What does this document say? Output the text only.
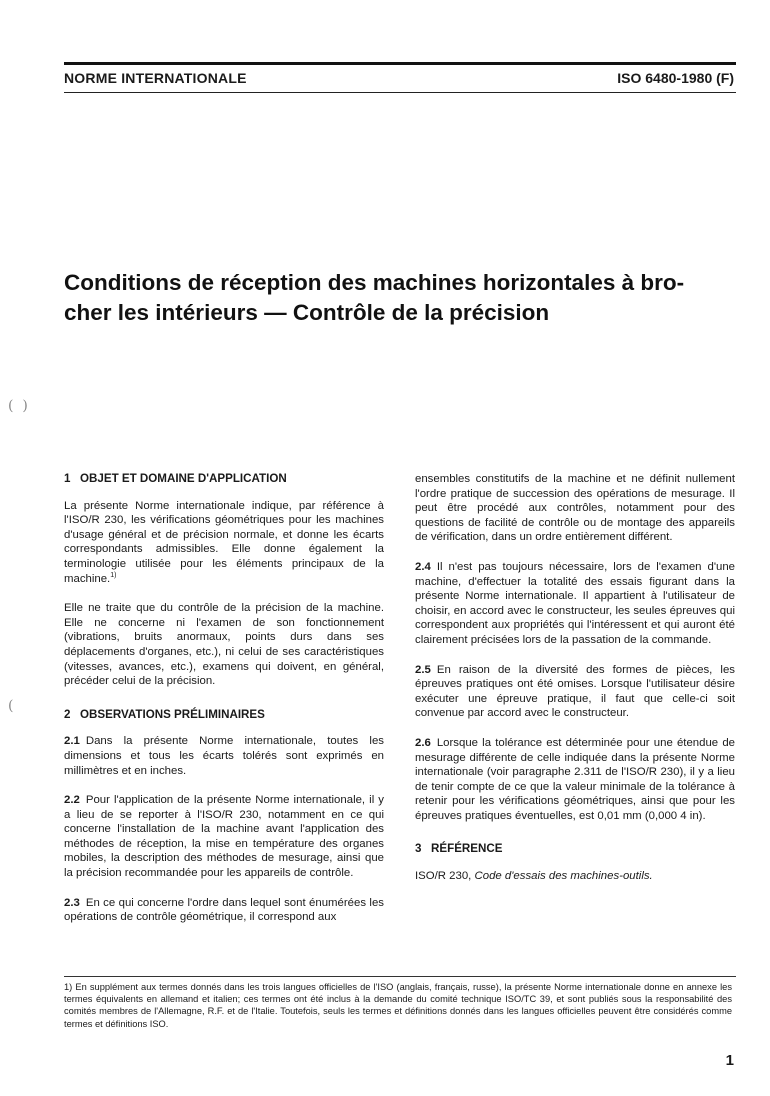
NORME INTERNATIONALE	ISO 6480-1980 (F)
Conditions de réception des machines horizontales à bro-
cher les intérieurs — Contrôle de la précision
(  )
(
1 OBJET ET DOMAINE D'APPLICATION

La présente Norme internationale indique, par référence à l'ISO/R 230, les vérifications géométriques pour les machines d'usage général et de précision normale, et donne les écarts correspondants admissibles. Elle donne également la terminologie utilisée pour les éléments principaux de la machine.$^{1)}$

Elle ne traite que du contrôle de la précision de la machine. Elle ne concerne ni l'examen de son fonctionnement (vibrations, bruits anormaux, points durs dans ses déplacements d'organes, etc.), ni celui de ses caractéristiques (vitesses, avances, etc.), examens qui doivent, en général, précéder celui de la précision.

2 OBSERVATIONS PRÉLIMINAIRES

2.1 Dans la présente Norme internationale, toutes les dimensions et tous les écarts tolérés sont exprimés en millimètres et en inches.

2.2 Pour l'application de la présente Norme internationale, il y a lieu de se reporter à l'ISO/R 230, notamment en ce qui concerne l'installation de la machine avant l'application des méthodes de réception, la mise en température des organes mobiles, la description des méthodes de mesurage, ainsi que la précision recommandée pour les appareils de contrôle.

2.3 En ce qui concerne l'ordre dans lequel sont énumérées les opérations de contrôle géométrique, il correspond aux

ensembles constitutifs de la machine et ne définit nullement l'ordre pratique de succession des opérations de mesurage. Il peut être procédé aux contrôles, notamment pour des questions de facilité de contrôle ou de montage des appareils de vérification, dans un ordre entièrement différent.

2.4 Il n'est pas toujours nécessaire, lors de l'examen d'une machine, d'effectuer la totalité des essais figurant dans la présente Norme internationale. Il appartient à l'utilisateur de choisir, en accord avec le constructeur, les seules épreuves qui correspondent aux propriétés qui l'intéressent et qui auront été clairement précisées lors de la passation de la commande.

2.5 En raison de la diversité des formes de pièces, les épreuves pratiques ont été omises. Lorsque l'utilisateur désire exécuter une épreuve pratique, il faut que celle-ci soit convenue par accord avec le constructeur.

2.6 Lorsque la tolérance est déterminée pour une étendue de mesurage différente de celle indiquée dans la présente Norme internationale (voir paragraphe 2.311 de l'ISO/R 230), il y a lieu de tenir compte de ce que la valeur minimale de la tolérance à retenir pour les vérifications géométriques, ainsi que pour les épreuves pratiques éventuelles, est 0,01 mm (0,000 4 in).

3 RÉFÉRENCE

ISO/R 230, Code d'essais des machines-outils.

1) En supplément aux termes donnés dans les trois langues officielles de l'ISO (anglais, français, russe), la présente Norme internationale donne en annexe les termes équivalents en allemand et italien; ces termes ont été inclus à la demande du comité technique ISO/TC 39, et sont publiés sous la responsabilité des comités membres de l'Allemagne, R.F. et de l'Italie. Toutefois, seuls les termes et définitions donnés dans les langues officielles peuvent être considérés comme termes et définitions ISO.
1
